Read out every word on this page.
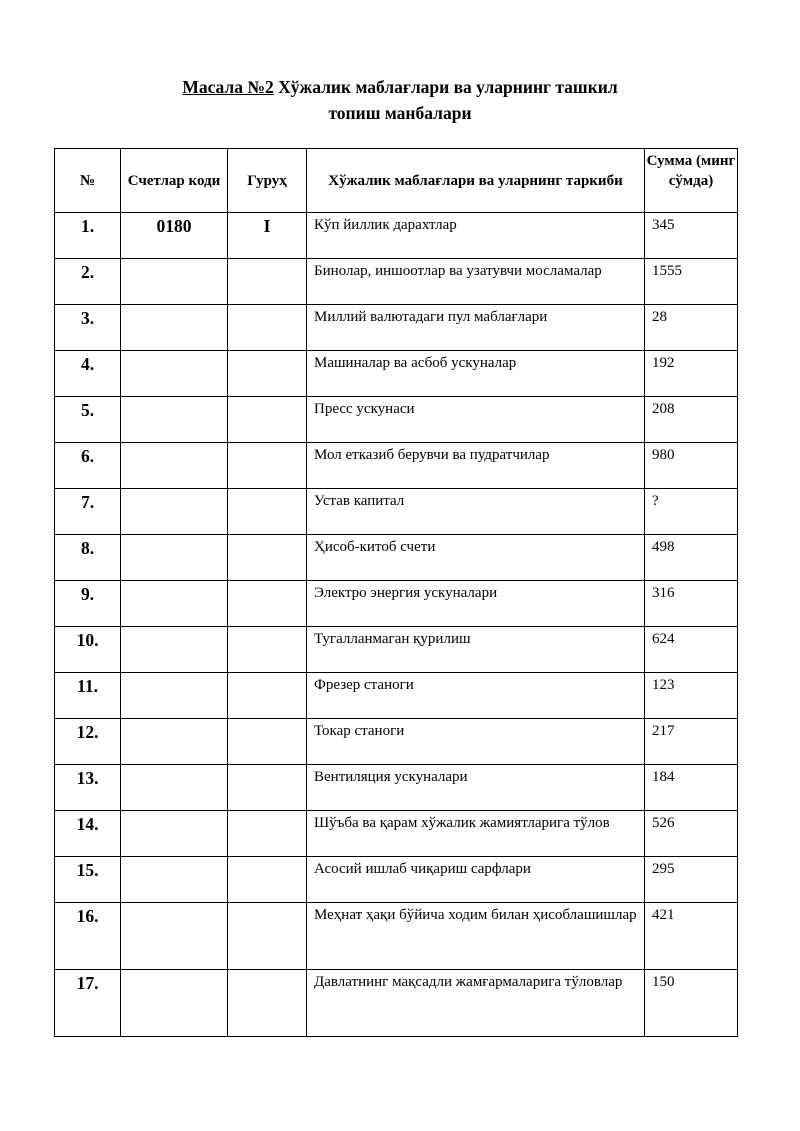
Масала №2 Хўжалик маблағлари ва уларнинг ташкил
топиш манбалари
№	Счетлар коди	Гуруҳ	Хўжалик маблағлари ва уларнинг таркиби	Сумма (минг сўмда)
1.	0180	I	Кўп йиллик дарахтлар	345
2.			Бинолар, иншоотлар ва узатувчи мосламалар	1555
3.			Миллий валютадаги пул маблағлари	28
4.			Машиналар ва асбоб ускуналар	192
5.			Пресс ускунаси	208
6.			Мол етказиб берувчи ва пудратчилар	980
7.			Устав капитал	?
8.			Ҳисоб-китоб счети	498
9.			Электро энергия ускуналари	316
10.			Тугалланмаган қурилиш	624
11.			Фрезер станоги	123
12.			Токар станоги	217
13.			Вентиляция ускуналари	184
14.			Шўъба ва қарам хўжалик жамиятларига тўлов	526
15.			Асосий ишлаб чиқариш сарфлари	295
16.			Меҳнат ҳақи бўйича ходим билан ҳисоблашишлар	421
17.			Давлатнинг мақсадли жамғармаларига тўловлар	150
